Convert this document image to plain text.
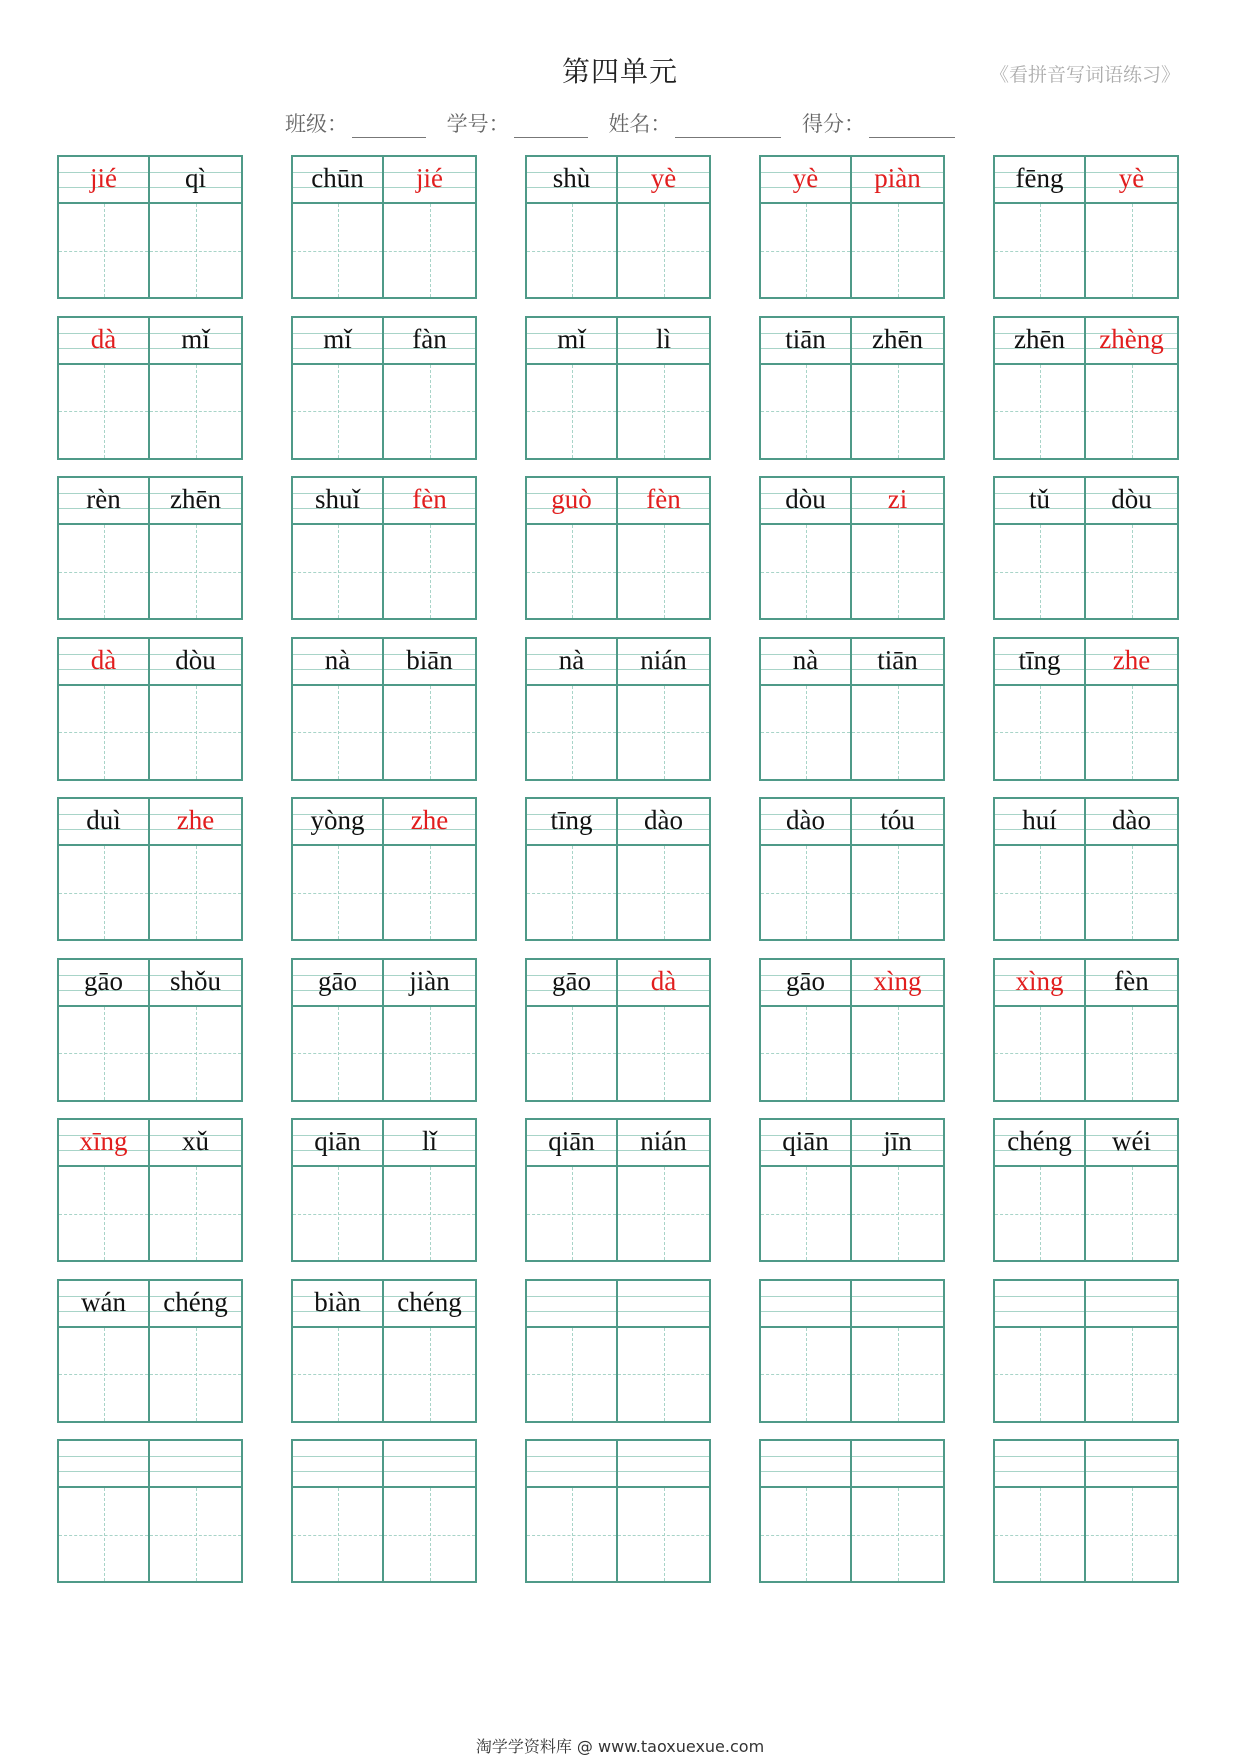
第四单元	《看拼音写词语练习》
班级：	学号：	姓名：	得分：
jié	qì	chūn	jié	shù	yè	yè	piàn	fēng	yè
dà	mǐ	mǐ	fàn	mǐ	lì	tiān	zhēn	zhēn	zhèng
rèn	zhēn	shuǐ	fèn	guò	fèn	dòu	zi	tǔ	dòu
dà	dòu	nà	biān	nà	nián	nà	tiān	tīng	zhe
duì	zhe	yòng	zhe	tīng	dào	dào	tóu	huí	dào
gāo	shǒu	gāo	jiàn	gāo	dà	gāo	xìng	xìng	fèn
xīng	xǔ	qiān	lǐ	qiān	nián	qiān	jīn	chéng	wéi
wán	chéng	biàn	chéng
淘学学资料库 @ www.taoxuexue.com
